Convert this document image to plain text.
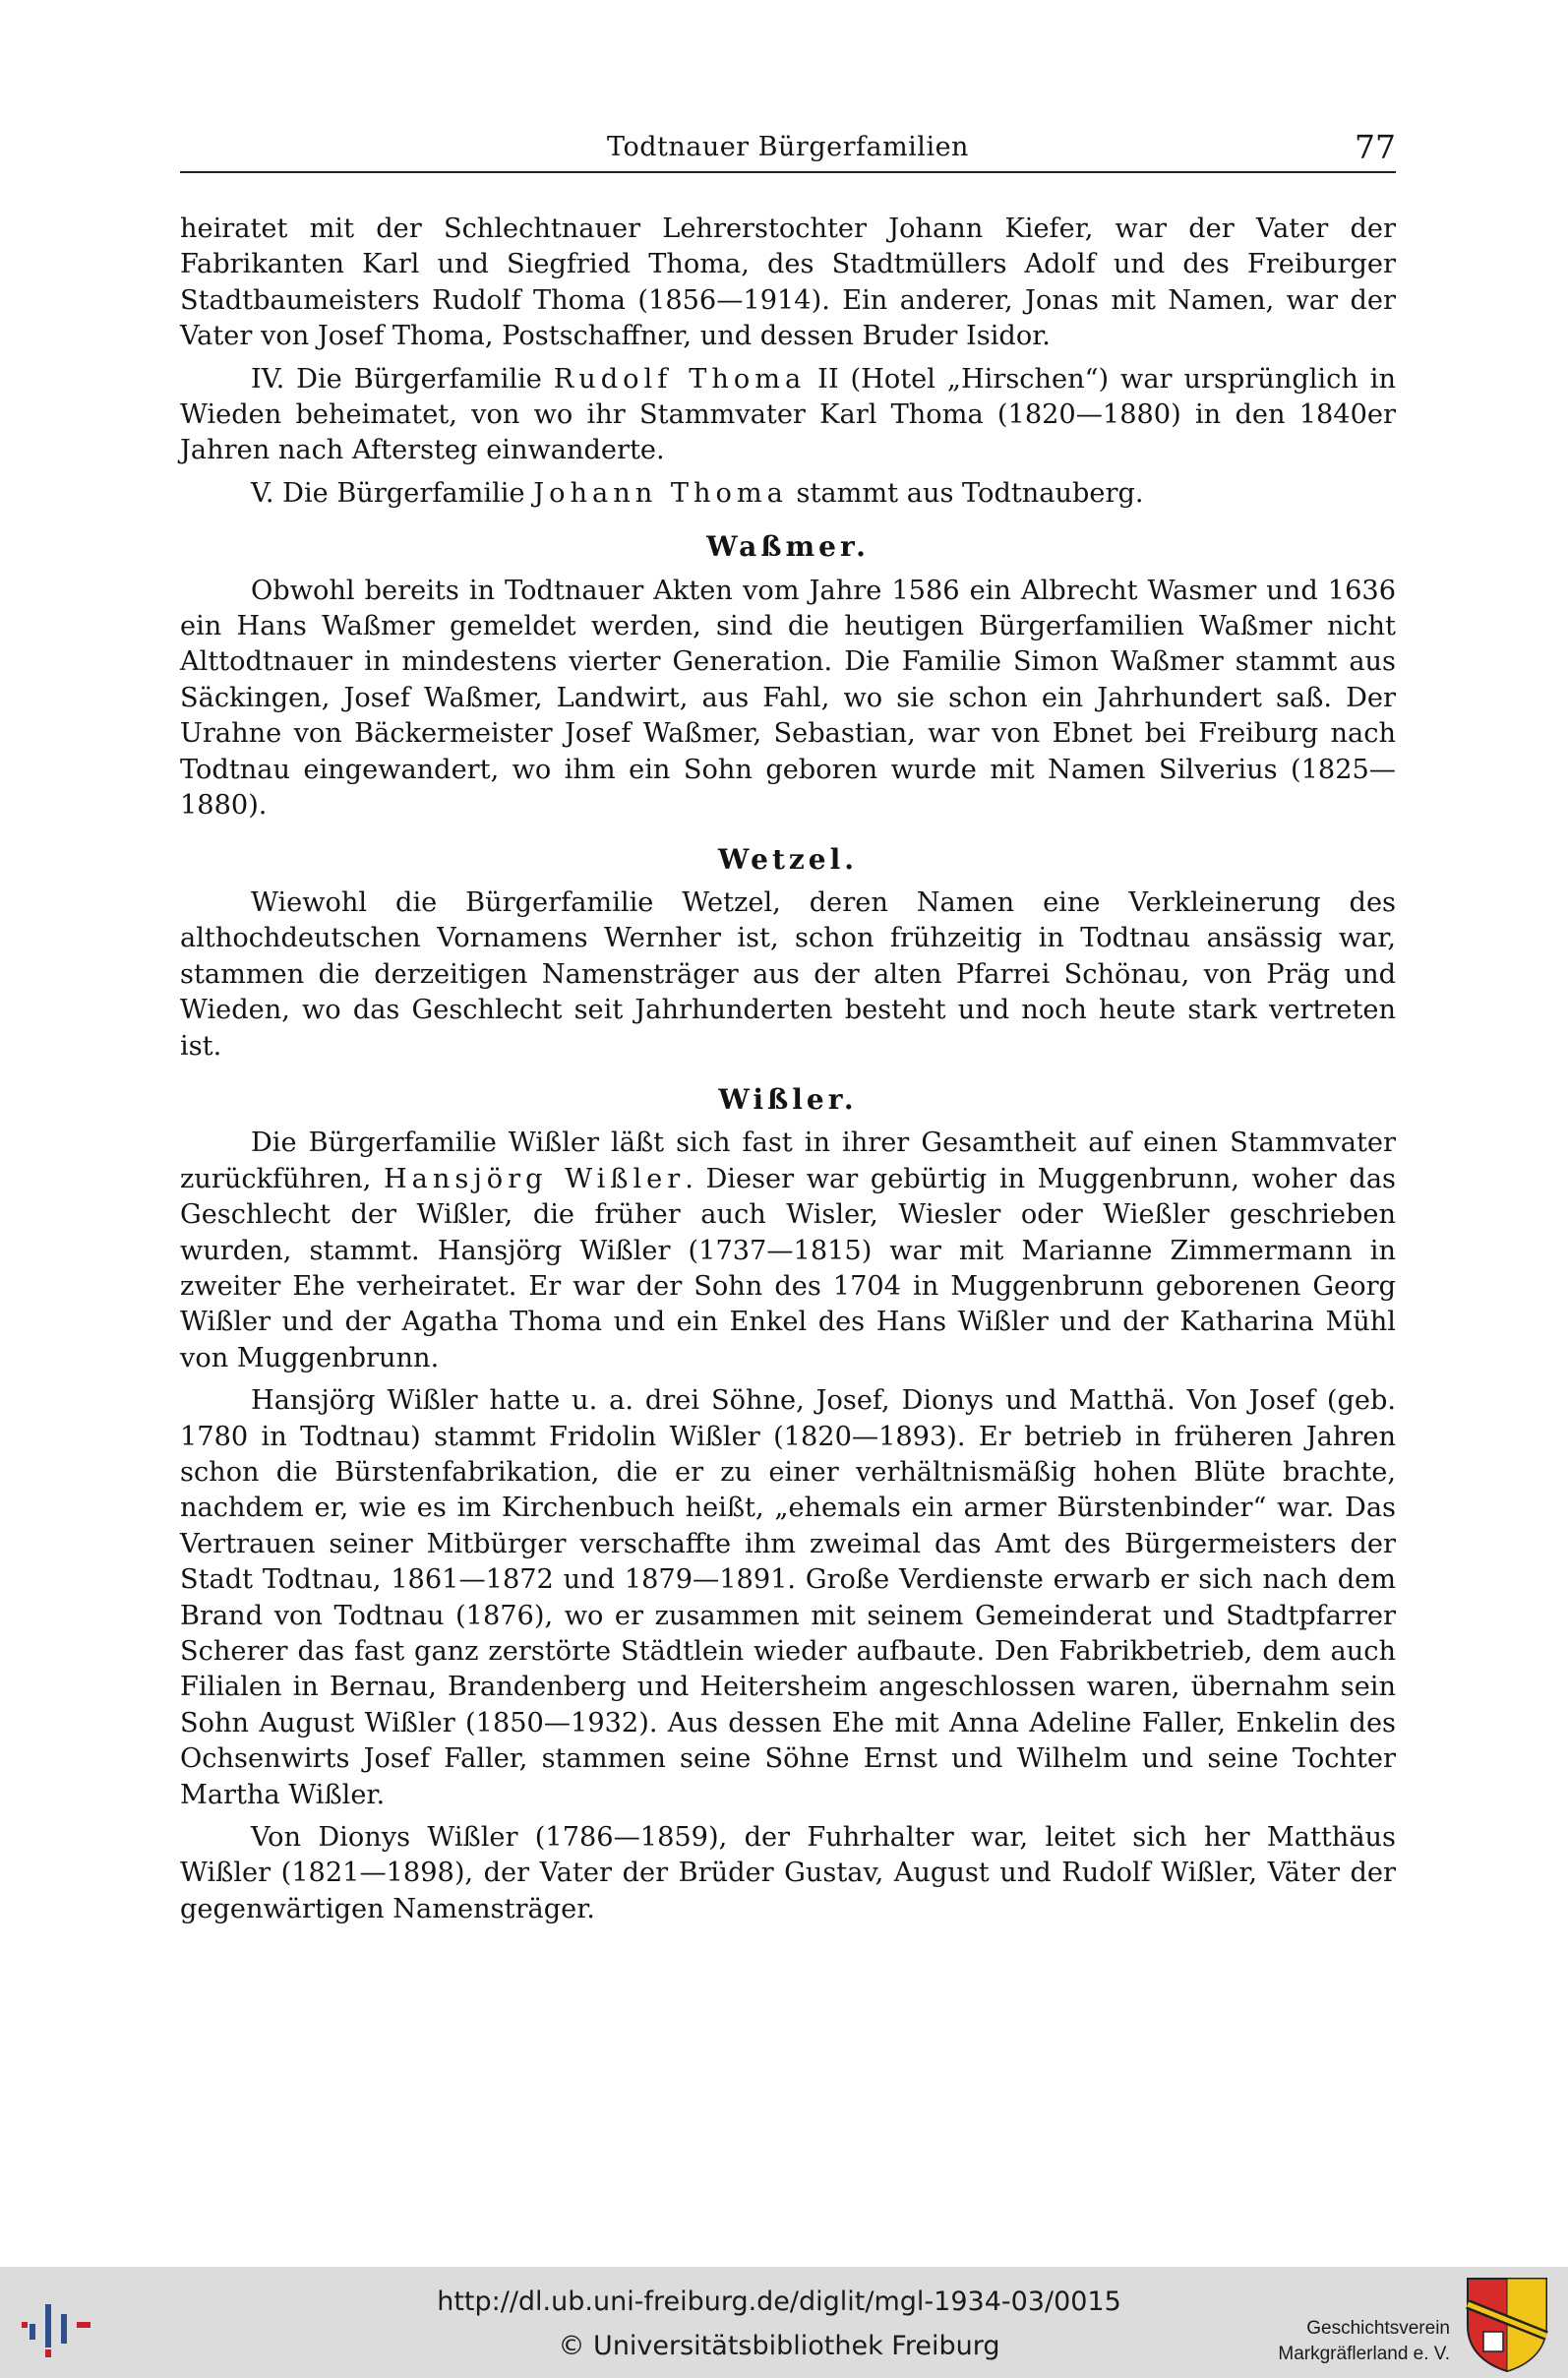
Todtnauer Bürgerfamilien	77

heiratet mit der Schlechtnauer Lehrerstochter Johann Kiefer, war der Vater der Fabrikanten Karl und Siegfried Thoma, des Stadtmüllers Adolf und des Freiburger Stadtbaumeisters Rudolf Thoma (1856—1914). Ein anderer, Jonas mit Namen, war der Vater von Josef Thoma, Postschaffner, und dessen Bruder Isidor.

IV. Die Bürgerfamilie Rudolf Thoma II (Hotel „Hirschen“) war ursprünglich in Wieden beheimatet, von wo ihr Stammvater Karl Thoma (1820—1880) in den 1840er Jahren nach Aftersteg einwanderte.

V. Die Bürgerfamilie Johann Thoma stammt aus Todtnauberg.

Waßmer.

Obwohl bereits in Todtnauer Akten vom Jahre 1586 ein Albrecht Wasmer und 1636 ein Hans Waßmer gemeldet werden, sind die heutigen Bürgerfamilien Waßmer nicht Alttodtnauer in mindestens vierter Generation. Die Familie Simon Waßmer stammt aus Säckingen, Josef Waßmer, Landwirt, aus Fahl, wo sie schon ein Jahrhundert saß. Der Urahne von Bäckermeister Josef Waßmer, Sebastian, war von Ebnet bei Freiburg nach Todtnau eingewandert, wo ihm ein Sohn geboren wurde mit Namen Silverius (1825—1880).

Wetzel.

Wiewohl die Bürgerfamilie Wetzel, deren Namen eine Verkleinerung des althochdeutschen Vornamens Wernher ist, schon frühzeitig in Todtnau ansässig war, stammen die derzeitigen Namensträger aus der alten Pfarrei Schönau, von Präg und Wieden, wo das Geschlecht seit Jahrhunderten besteht und noch heute stark vertreten ist.

Wißler.

Die Bürgerfamilie Wißler läßt sich fast in ihrer Gesamtheit auf einen Stammvater zurückführen, Hansjörg Wißler. Dieser war gebürtig in Muggenbrunn, woher das Geschlecht der Wißler, die früher auch Wisler, Wiesler oder Wießler geschrieben wurden, stammt. Hansjörg Wißler (1737—1815) war mit Marianne Zimmermann in zweiter Ehe verheiratet. Er war der Sohn des 1704 in Muggenbrunn geborenen Georg Wißler und der Agatha Thoma und ein Enkel des Hans Wißler und der Katharina Mühl von Muggenbrunn.

Hansjörg Wißler hatte u. a. drei Söhne, Josef, Dionys und Matthä. Von Josef (geb. 1780 in Todtnau) stammt Fridolin Wißler (1820—1893). Er betrieb in früheren Jahren schon die Bürstenfabrikation, die er zu einer verhältnismäßig hohen Blüte brachte, nachdem er, wie es im Kirchenbuch heißt, „ehemals ein armer Bürstenbinder“ war. Das Vertrauen seiner Mitbürger verschaffte ihm zweimal das Amt des Bürgermeisters der Stadt Todtnau, 1861—1872 und 1879—1891. Große Verdienste erwarb er sich nach dem Brand von Todtnau (1876), wo er zusammen mit seinem Gemeinderat und Stadtpfarrer Scherer das fast ganz zerstörte Städtlein wieder aufbaute. Den Fabrikbetrieb, dem auch Filialen in Bernau, Brandenberg und Heitersheim angeschlossen waren, übernahm sein Sohn August Wißler (1850—1932). Aus dessen Ehe mit Anna Adeline Faller, Enkelin des Ochsenwirts Josef Faller, stammen seine Söhne Ernst und Wilhelm und seine Tochter Martha Wißler.

Von Dionys Wißler (1786—1859), der Fuhrhalter war, leitet sich her Matthäus Wißler (1821—1898), der Vater der Brüder Gustav, August und Rudolf Wißler, Väter der gegenwärtigen Namensträger.

http://dl.ub.uni-freiburg.de/diglit/mgl-1934-03/0015
© Universitätsbibliothek Freiburg
Geschichtsverein
Markgräflerland e. V.
